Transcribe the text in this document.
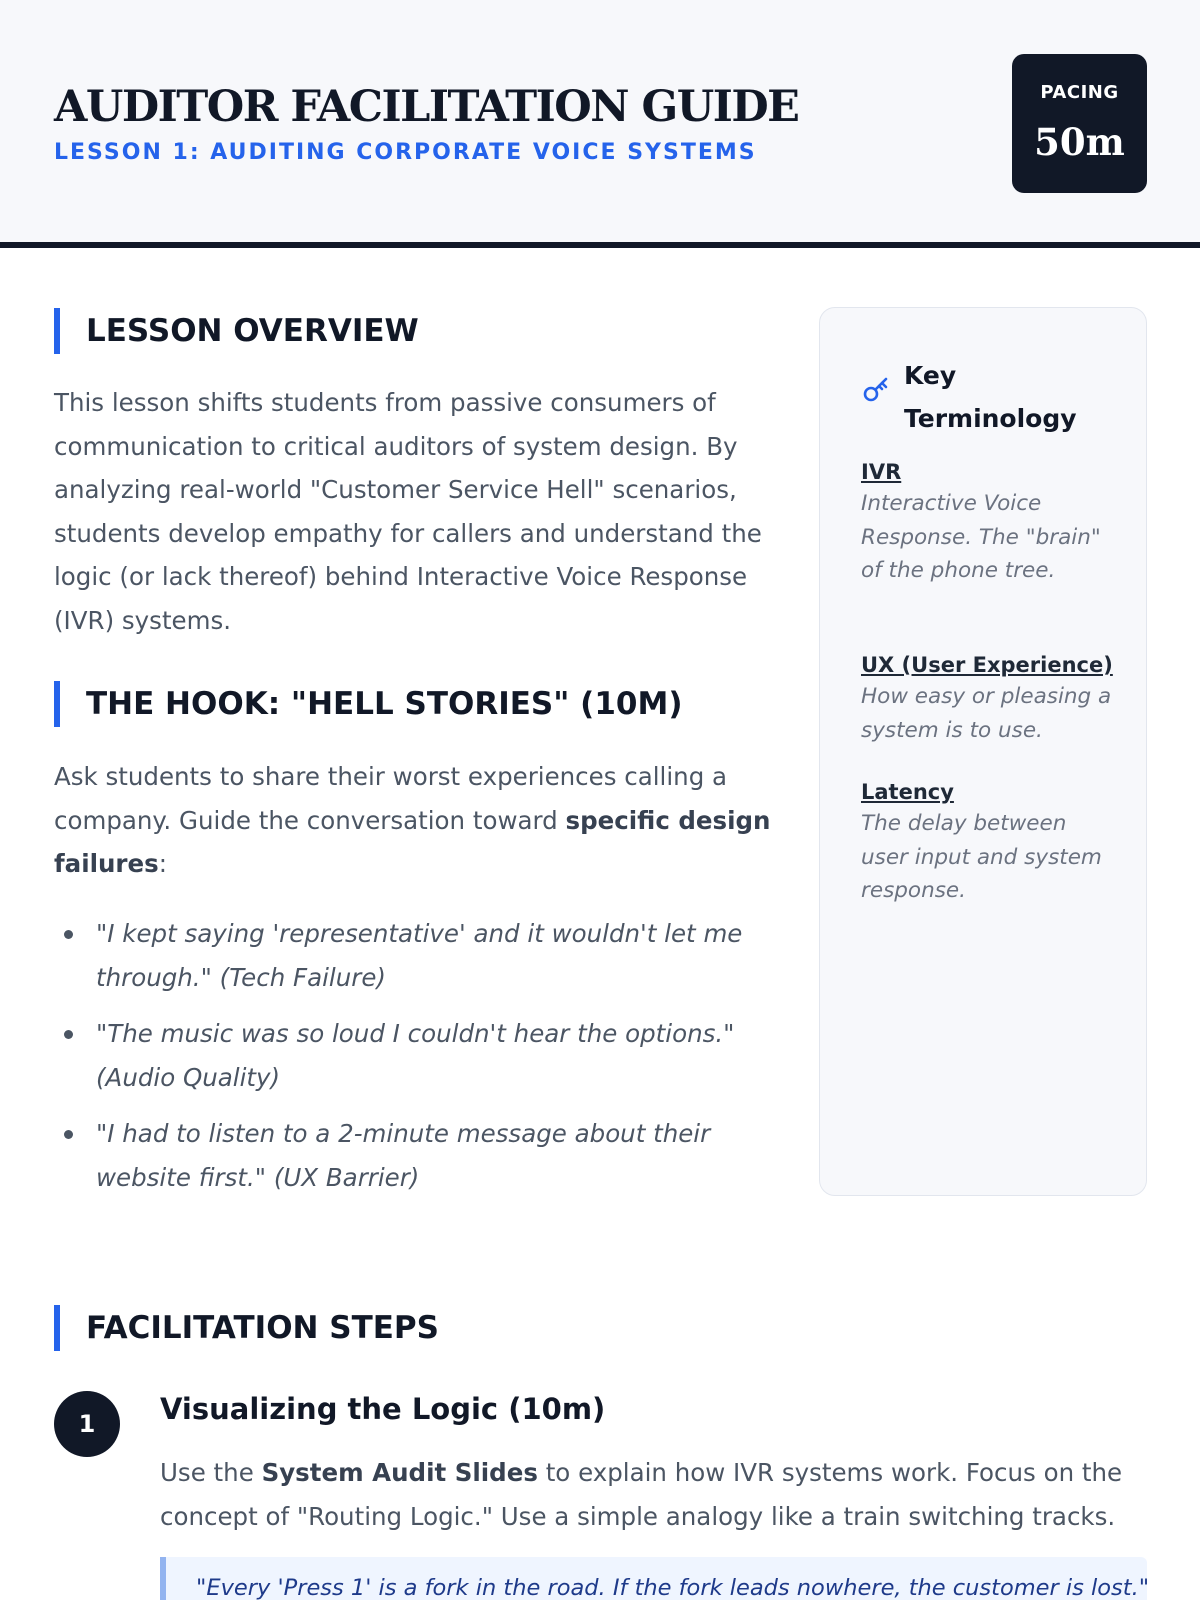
AUDITOR FACILITATION GUIDE
LESSON 1: AUDITING CORPORATE VOICE SYSTEMS
PACING
50m
LESSON OVERVIEW

This lesson shifts students from passive consumers of communication to critical auditors of system design. By analyzing real-world "Customer Service Hell" scenarios, students develop empathy for callers and understand the logic (or lack thereof) behind Interactive Voice Response (IVR) systems.

THE HOOK: "HELL STORIES" (10M)

Ask students to share their worst experiences calling a company. Guide the conversation toward specific design failures:

"I kept saying 'representative' and it wouldn't let me through." (Tech Failure)
"The music was so loud I couldn't hear the options." (Audio Quality)
"I had to listen to a 2-minute message about their website first." (UX Barrier)
Key Terminology
IVR
Interactive Voice Response. The "brain" of the phone tree.
UX (User Experience)
How easy or pleasing a system is to use.
Latency
The delay between user input and system response.
FACILITATION STEPS
1	Visualizing the Logic (10m)

Use the System Audit Slides to explain how IVR systems work. Focus on the concept of "Routing Logic." Use a simple analogy like a train switching tracks.

"Every 'Press 1' is a fork in the road. If the fork leads nowhere, the customer is lost."
